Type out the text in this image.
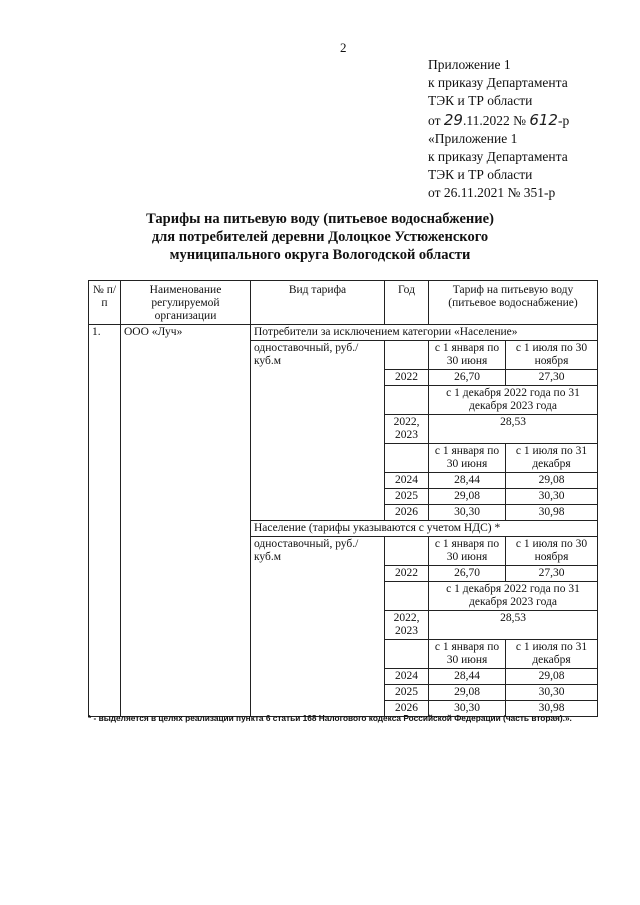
2
Приложение 1
к приказу Департамента
ТЭК и ТР области
от 29.11.2022 № 612-р
«Приложение 1
к приказу Департамента
ТЭК и ТР области
от 26.11.2021 № 351-р
Тарифы на питьевую воду (питьевое водоснабжение)
для потребителей деревни Долоцкое Устюженского
муниципального округа Вологодской области
№ п/п	Наименование регулируемой организации	Вид тарифа	Год	Тариф на питьевую воду (питьевое водоснабжение)	
1.	ООО «Луч»	Потребители за исключением категории «Население»			
		одноставочный, руб./куб.м		с 1 января по 30 июня	с 1 июля по 30 ноября
			2022	26,70	27,30
				с 1 декабря 2022 года по 31 декабря 2023 года	
			2022, 2023	28,53	
				с 1 января по 30 июня	с 1 июля по 31 декабря
			2024	28,44	29,08
			2025	29,08	30,30
			2026	30,30	30,98
		Население (тарифы указываются с учетом НДС) *			
		одноставочный, руб./куб.м		с 1 января по 30 июня	с 1 июля по 30 ноября
			2022	26,70	27,30
				с 1 декабря 2022 года по 31 декабря 2023 года	
			2022, 2023	28,53	
				с 1 января по 30 июня	с 1 июля по 31 декабря
			2024	28,44	29,08
			2025	29,08	30,30
			2026	30,30	30,98
* - выделяется в целях реализации пункта 6 статьи 168 Налогового кодекса Российской Федерации (часть вторая).».
